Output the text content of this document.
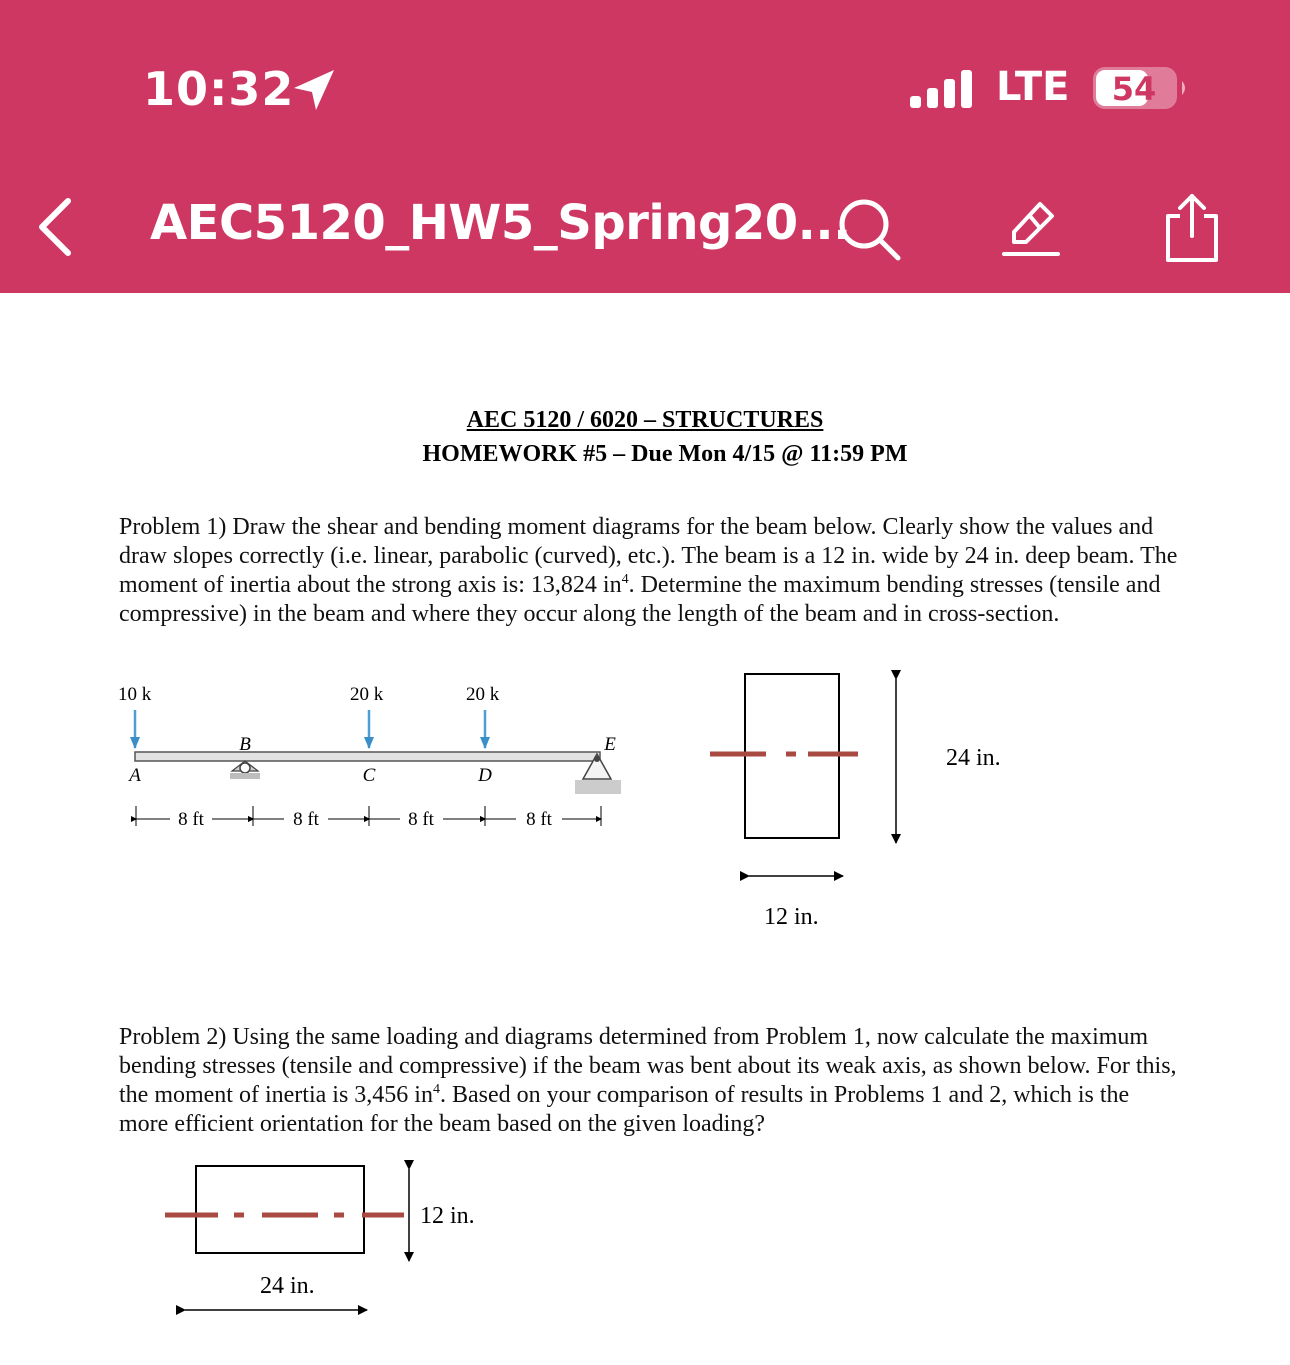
10:32	LTE 54
AEC5120_HW5_Spring20...
AEC 5120 / 6020 – STRUCTURES
HOMEWORK #5 – Due Mon 4/15 @ 11:59 PM
Problem 1) Draw the shear and bending moment diagrams for the beam below. Clearly show the values and draw slopes correctly (i.e. linear, parabolic (curved), etc.). The beam is a 12 in. wide by 24 in. deep beam. The moment of inertia about the strong axis is: 13,824 $in^4$. Determine the maximum bending stresses (tensile and compressive) in the beam and where they occur along the length of the beam and in cross-section.
Problem 2) Using the same loading and diagrams determined from Problem 1, now calculate the maximum bending stresses (tensile and compressive) if the beam was bent about its weak axis, as shown below. For this, the moment of inertia is 3,456 $in^4$. Based on your comparison of results in Problems 1 and 2, which is the more efficient orientation for the beam based on the given loading?
10 k	20 k	20 k
B	E
A	C	D
8 ft	8 ft	8 ft	8 ft
24 in.
12 in.
12 in.
24 in.
